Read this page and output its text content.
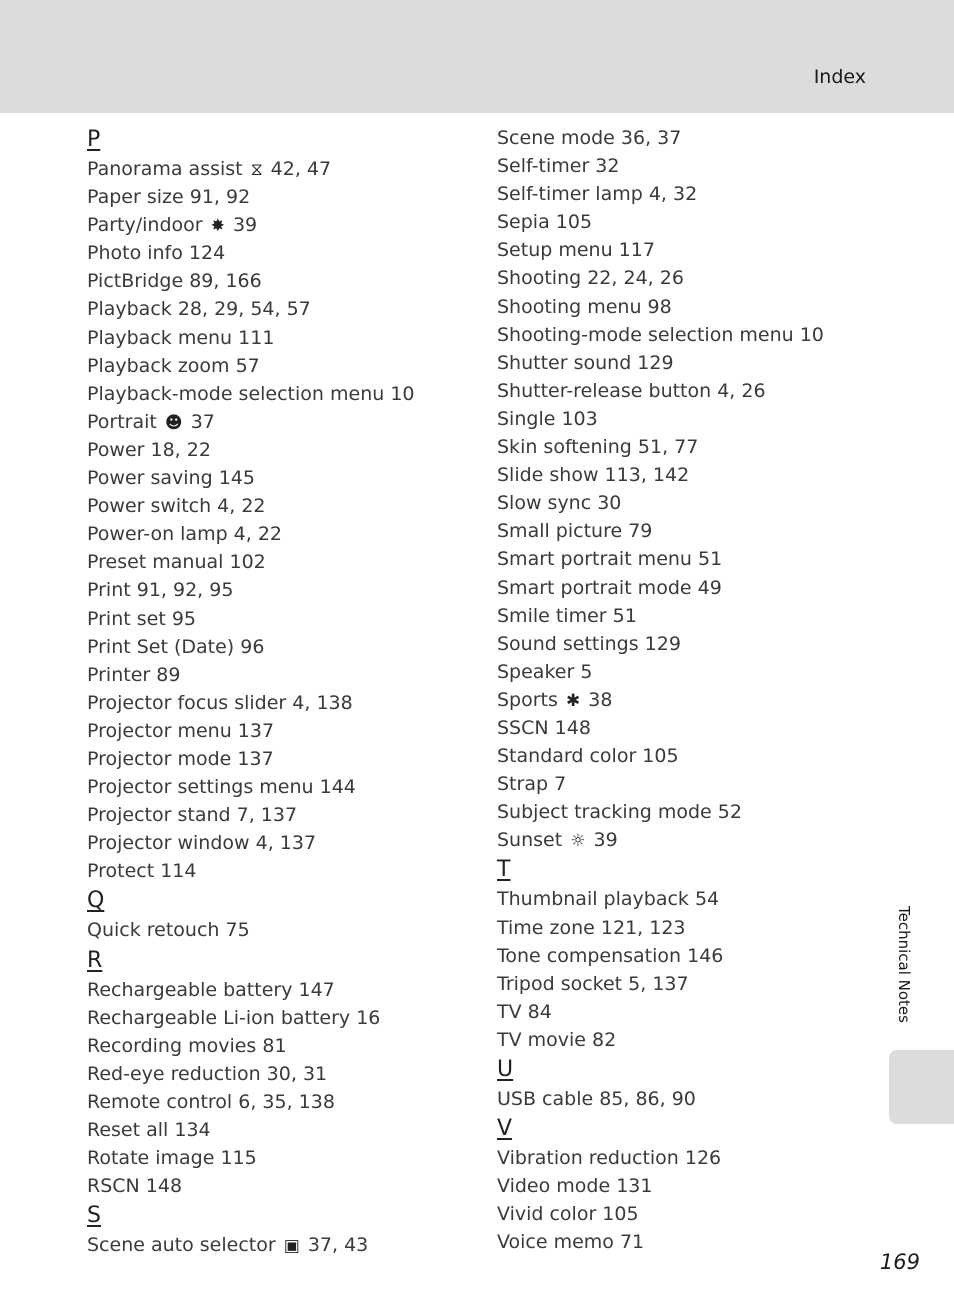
Index
P
Panorama assist ⧖ 42, 47
Paper size 91, 92
Party/indoor ✸ 39
Photo info 124
PictBridge 89, 166
Playback 28, 29, 54, 57
Playback menu 111
Playback zoom 57
Playback-mode selection menu 10
Portrait ☻ 37
Power 18, 22
Power saving 145
Power switch 4, 22
Power-on lamp 4, 22
Preset manual 102
Print 91, 92, 95
Print set 95
Print Set (Date) 96
Printer 89
Projector focus slider 4, 138
Projector menu 137
Projector mode 137
Projector settings menu 144
Projector stand 7, 137
Projector window 4, 137
Protect 114
Q
Quick retouch 75
R
Rechargeable battery 147
Rechargeable Li-ion battery 16
Recording movies 81
Red-eye reduction 30, 31
Remote control 6, 35, 138
Reset all 134
Rotate image 115
RSCN 148
S
Scene auto selector ▣ 37, 43
Scene mode 36, 37
Self-timer 32
Self-timer lamp 4, 32
Sepia 105
Setup menu 117
Shooting 22, 24, 26
Shooting menu 98
Shooting-mode selection menu 10
Shutter sound 129
Shutter-release button 4, 26
Single 103
Skin softening 51, 77
Slide show 113, 142
Slow sync 30
Small picture 79
Smart portrait menu 51
Smart portrait mode 49
Smile timer 51
Sound settings 129
Speaker 5
Sports ✱ 38
SSCN 148
Standard color 105
Strap 7
Subject tracking mode 52
Sunset ☼ 39
T
Thumbnail playback 54
Time zone 121, 123
Tone compensation 146
Tripod socket 5, 137
TV 84
TV movie 82
U
USB cable 85, 86, 90
V
Vibration reduction 126
Video mode 131
Vivid color 105
Voice memo 71
Technical Notes
169
